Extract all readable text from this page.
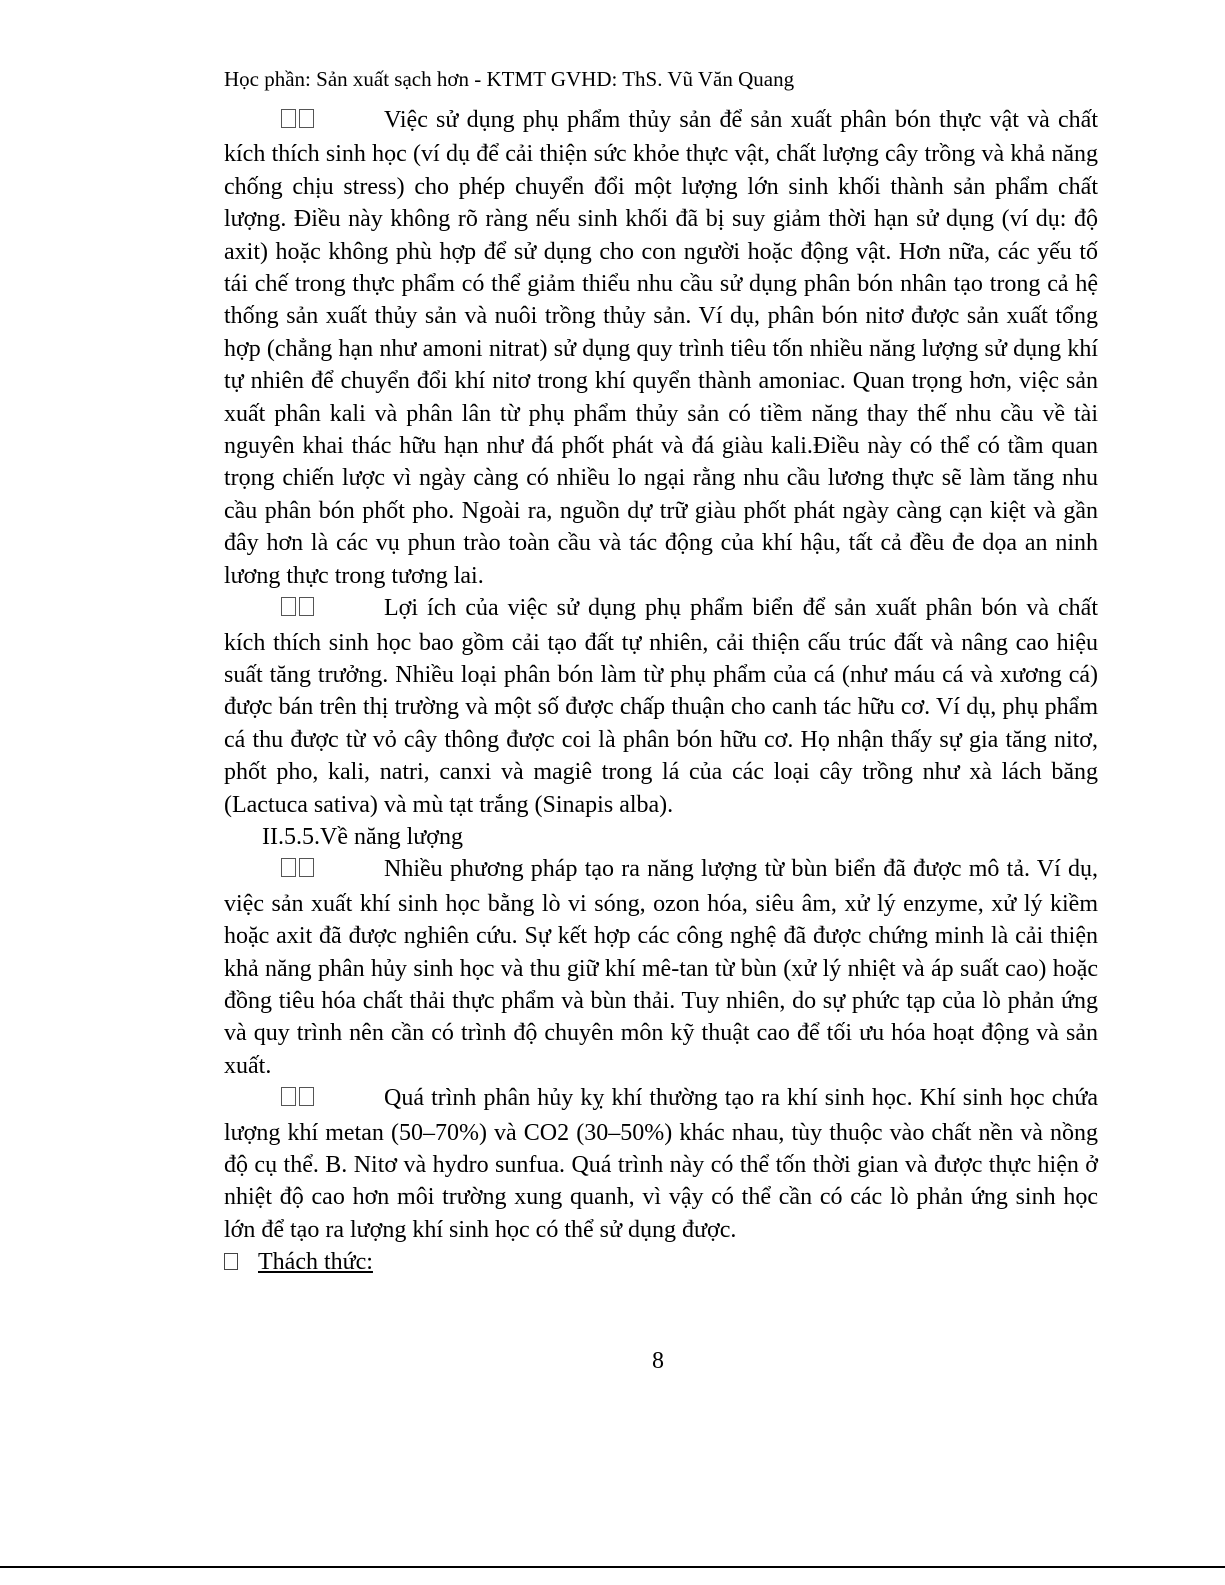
Học phần: Sản xuất sạch hơn - KTMT GVHD: ThS. Vũ Văn Quang

Việc sử dụng phụ phẩm thủy sản để sản xuất phân bón thực vật và chất kích thích sinh học (ví dụ để cải thiện sức khỏe thực vật, chất lượng cây trồng và khả năng chống chịu stress) cho phép chuyển đổi một lượng lớn sinh khối thành sản phẩm chất lượng. Điều này không rõ ràng nếu sinh khối đã bị suy giảm thời hạn sử dụng (ví dụ: độ axit) hoặc không phù hợp để sử dụng cho con người hoặc động vật. Hơn nữa, các yếu tố tái chế trong thực phẩm có thể giảm thiểu nhu cầu sử dụng phân bón nhân tạo trong cả hệ thống sản xuất thủy sản và nuôi trồng thủy sản. Ví dụ, phân bón nitơ được sản xuất tổng hợp (chẳng hạn như amoni nitrat) sử dụng quy trình tiêu tốn nhiều năng lượng sử dụng khí tự nhiên để chuyển đổi khí nitơ trong khí quyển thành amoniac. Quan trọng hơn, việc sản xuất phân kali và phân lân từ phụ phẩm thủy sản có tiềm năng thay thế nhu cầu về tài nguyên khai thác hữu hạn như đá phốt phát và đá giàu kali.Điều này có thể có tầm quan trọng chiến lược vì ngày càng có nhiều lo ngại rằng nhu cầu lương thực sẽ làm tăng nhu cầu phân bón phốt pho. Ngoài ra, nguồn dự trữ giàu phốt phát ngày càng cạn kiệt và gần đây hơn là các vụ phun trào toàn cầu và tác động của khí hậu, tất cả đều đe dọa an ninh lương thực trong tương lai.

Lợi ích của việc sử dụng phụ phẩm biển để sản xuất phân bón và chất kích thích sinh học bao gồm cải tạo đất tự nhiên, cải thiện cấu trúc đất và nâng cao hiệu suất tăng trưởng. Nhiều loại phân bón làm từ phụ phẩm của cá (như máu cá và xương cá) được bán trên thị trường và một số được chấp thuận cho canh tác hữu cơ. Ví dụ, phụ phẩm cá thu được từ vỏ cây thông được coi là phân bón hữu cơ. Họ nhận thấy sự gia tăng nitơ, phốt pho, kali, natri, canxi và magiê trong lá của các loại cây trồng như xà lách băng (Lactuca sativa) và mù tạt trắng (Sinapis alba).

II.5.5.Về năng lượng

Nhiều phương pháp tạo ra năng lượng từ bùn biển đã được mô tả. Ví dụ, việc sản xuất khí sinh học bằng lò vi sóng, ozon hóa, siêu âm, xử lý enzyme, xử lý kiềm hoặc axit đã được nghiên cứu. Sự kết hợp các công nghệ đã được chứng minh là cải thiện khả năng phân hủy sinh học và thu giữ khí mê-tan từ bùn (xử lý nhiệt và áp suất cao) hoặc đồng tiêu hóa chất thải thực phẩm và bùn thải. Tuy nhiên, do sự phức tạp của lò phản ứng và quy trình nên cần có trình độ chuyên môn kỹ thuật cao để tối ưu hóa hoạt động và sản xuất.

Quá trình phân hủy kỵ khí thường tạo ra khí sinh học. Khí sinh học chứa lượng khí metan (50–70%) và CO2 (30–50%) khác nhau, tùy thuộc vào chất nền và nồng độ cụ thể. B. Nitơ và hydro sunfua. Quá trình này có thể tốn thời gian và được thực hiện ở nhiệt độ cao hơn môi trường xung quanh, vì vậy có thể cần có các lò phản ứng sinh học lớn để tạo ra lượng khí sinh học có thể sử dụng được.

Thách thức:

8
